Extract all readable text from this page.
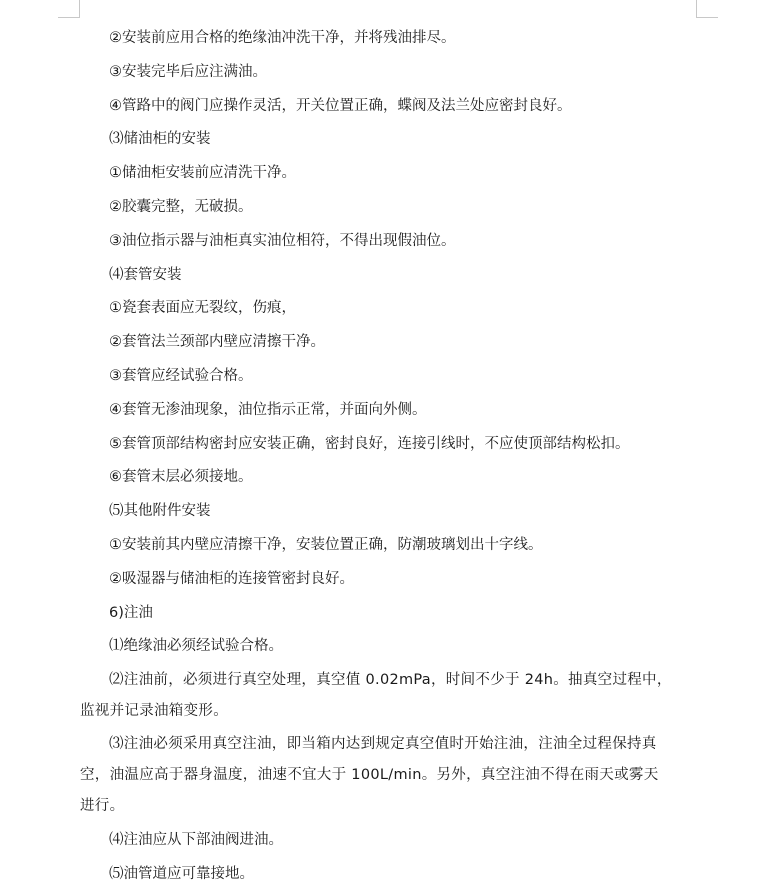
②安装前应用合格的绝缘油冲洗干净，并将残油排尽。

③安装完毕后应注满油。

④管路中的阀门应操作灵活，开关位置正确，蝶阀及法兰处应密封良好。

⑶储油柜的安装

①储油柜安装前应清洗干净。

②胶囊完整，无破损。

③油位指示器与油柜真实油位相符，不得出现假油位。

⑷套管安装

①瓷套表面应无裂纹，伤痕，

②套管法兰颈部内壁应清擦干净。

③套管应经试验合格。

④套管无渗油现象，油位指示正常，并面向外侧。

⑤套管顶部结构密封应安装正确，密封良好，连接引线时，不应使顶部结构松扣。

⑥套管末层必须接地。

⑸其他附件安装

①安装前其内壁应清擦干净，安装位置正确，防潮玻璃划出十字线。

②吸湿器与储油柜的连接管密封良好。

6)注油

⑴绝缘油必须经试验合格。

⑵注油前，必须进行真空处理，真空值 0.02mPa，时间不少于 24h。抽真空过程中，
监视并记录油箱变形。

⑶注油必须采用真空注油，即当箱内达到规定真空值时开始注油，注油全过程保持真
空，油温应高于器身温度，油速不宜大于 100L/min。另外，真空注油不得在雨天或雾天
进行。

⑷注油应从下部油阀进油。

⑸油管道应可靠接地。
